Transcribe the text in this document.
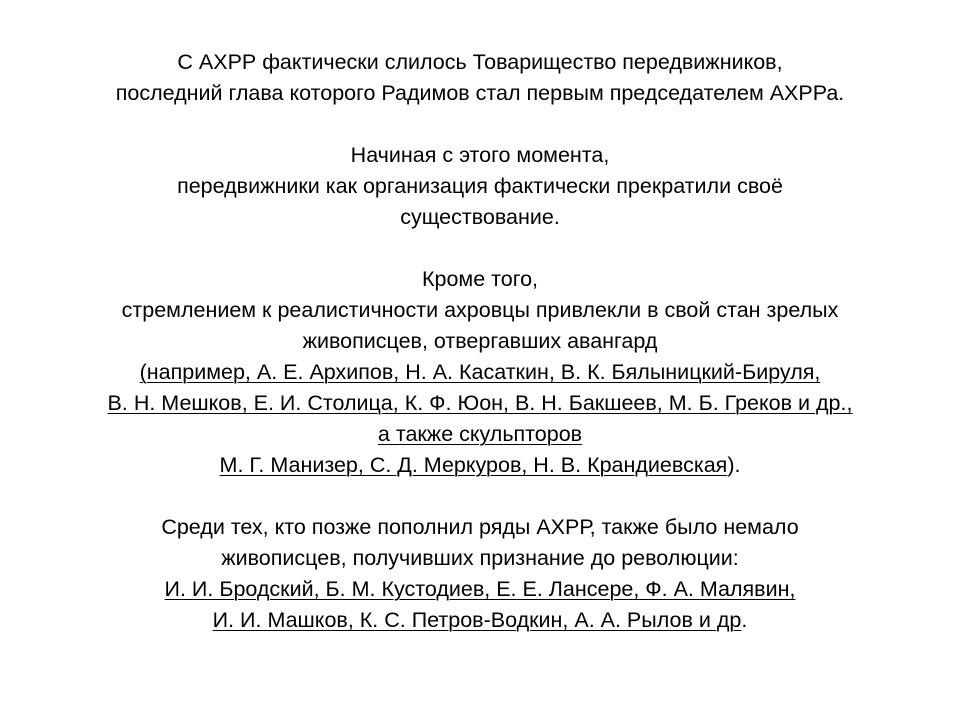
С АХРР фактически слилось Товарищество передвижников,
последний глава которого Радимов стал первым председателем АХРРа.
Начиная с этого момента,
передвижники как организация фактически прекратили своё
существование.
Кроме того,
стремлением к реалистичности ахровцы привлекли в свой стан зрелых
живописцев, отвергавших авангард
(например, А. Е. Архипов, Н. А. Касаткин, В. К. Бялыницкий-Бируля,
В. Н. Мешков, Е. И. Столица, К. Ф. Юон, В. Н. Бакшеев, М. Б. Греков и др.,
а также скульпторов
М. Г. Манизер, С. Д. Меркуров, Н. В. Крандиевская).
Среди тех, кто позже пополнил ряды АХРР, также было немало
живописцев, получивших признание до революции:
И. И. Бродский, Б. М. Кустодиев, Е. Е. Лансере, Ф. А. Малявин,
И. И. Машков, К. С. Петров-Водкин, А. А. Рылов и др.
